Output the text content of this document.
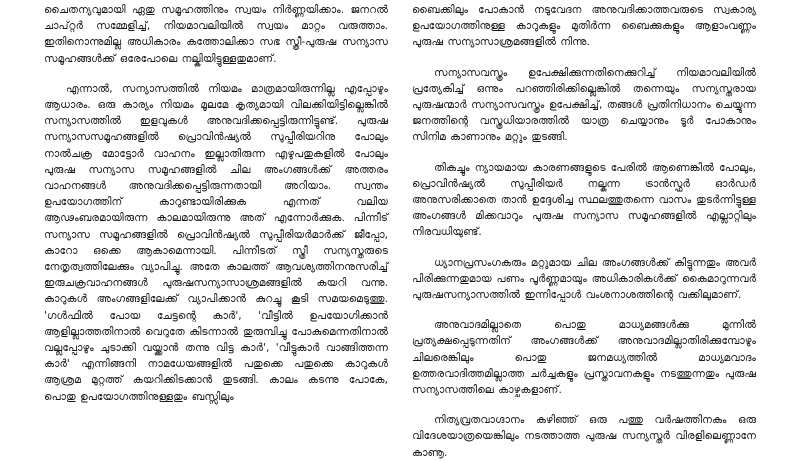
ചൈതന്യവുമായി ഏതു സമൂഹത്തിനും സ്വയം നിർണ്ണയിക്കാം. ജനറൽ ചാപ്റ്റർ സമ്മേളിച്ച്, നിയമാവലിയിൽ സ്വയം മാറ്റം വരുത്താം. ഇതിനൊന്നുമില്ല അധികാരം കത്തോലിക്കാ സഭ സ്ത്രീ-പുരുഷ സന്യാസ സമൂഹങ്ങൾക്ക് ഒരേപോലെ നല്കിയിട്ടുള്ളതുമാണ്.

എന്നാൽ, സന്യാസത്തിൽ നിയമം മാത്രമായിരുന്നില്ല എപ്പോഴും ആധാരം. ഒരു കാര്യം നിയമം മൂലമേ കൃത്യമായി വിലക്കിയിട്ടില്ലെങ്കിൽ സന്യാസത്തിൽ ഇളവുകൾ അനുവദിക്കപ്പെട്ടിരുന്നിട്ടുണ്ട്. പുരുഷ സന്യാസസമൂഹങ്ങളിൽ പ്രൊവിൻഷ്യൽ സുപ്പീരിയറിനു പോലും നാൽചക്ര മോട്ടോർ വാഹനം ഇല്ലാതിരുന്ന എഴുപതുകളിൽ പോലും പുരുഷ സന്യാസ സമൂഹങ്ങളിൽ ചില അംഗങ്ങൾക്ക് അത്തരം വാഹനങ്ങൾ അനുവദിക്കപ്പെട്ടിരുന്നതായി അറിയാം. സ്വന്തം ഉപയോഗത്തിന് കാറുണ്ടായിരിക്കുക എന്നത് വലിയ ആഢംബരമായിരുന്ന കാലമായിരുന്നു അത് എന്നോർക്കുക. പിന്നീട് സന്യാസ സമൂഹങ്ങളിൽ പ്രൊവിൻഷ്യൽ സുപ്പീരിയർമാർക്ക് ജീപ്പോ, കാറോ ഒക്കെ ആകാമെന്നായി. പിന്നീടത് സ്ത്രീ സന്യസ്തരുടെ നേതൃത്വത്തിലേക്കും വ്യാപിച്ചു. അതേ കാലത്ത് ആവശ്യത്തിനനുസരിച്ച് ഇരുചക്രവാഹനങ്ങൾ പുരുഷസന്യാസാശ്രമങ്ങളിൽ കയറി വന്നു. കാറുകൾ അംഗങ്ങളിലേക്ക് വ്യാപിക്കാൻ കുറച്ചു കൂടി സമയമെടുത്തു. 'ഗൾഫിൽ പോയ ചേട്ടന്റെ കാർ', 'വീട്ടിൽ ഉപയോഗിക്കാൻ ആളില്ലാത്തതിനാൽ വെറുതേ കിടന്നാൽ തുരുമ്പിച്ചു പോകുമെന്നതിനാൽ വല്ലപ്പോഴും ചുടാക്കി വയ്ക്കാൻ തന്നു വിട്ട കാർ', 'വീട്ടുകാർ വാങ്ങിത്തന്ന കാർ' എന്നിങ്ങനി നാമധേയങ്ങളിൽ പതുക്കെ പതുക്കെ കാറുകൾ ആശ്രമ മുറ്റത്ത് കയറിക്കിടക്കാൻ തുടങ്ങി. കാലം കടന്നു പോകേ, പൊതു ഉപയോഗത്തിനുള്ളതും ബസ്സിലും

ബൈക്കിലും പോകാൻ നടുവേദന അനുവദിക്കാത്തവരുടെ സ്വകാര്യ ഉപയോഗത്തിനുള്ള കാറുകളും മുതിർന്ന ബൈക്കുകളും ആളാംവണ്ണം പുരുഷ സന്യാസാശ്രമങ്ങളിൽ നിന്നു.

സന്യാസവസ്ത്രം ഉപേക്ഷിക്കുന്നതിനെക്കുറിച്ച് നിയമാവലിയിൽ പ്രത്യേകിച്ച് ഒന്നും പറഞ്ഞിരിക്കില്ലെങ്കിൽ തന്നെയും സന്യസ്തരായ പുരുഷന്മാർ സന്യാസവസ്ത്രം ഉപേക്ഷിച്ച്, തങ്ങൾ പ്രതിനിധാനം ചെയ്യുന്ന ജനത്തിന്റെ വസ്ത്രധിയാരത്തിൽ യാത്ര ചെയ്യാനും ടൂർ പോകാനും സിനിമ കാണാനും മറ്റും തുടങ്ങി.

തികച്ചും ന്യായമായ കാരണങ്ങളുടെ പേരിൽ ആണെങ്കിൽ പോലും, പ്രൊവിൻഷ്യൽ സുപ്പീരിയർ നല്കുന്ന ട്രാൻസ്ഫർ ഓർഡർ അനുസരിക്കാതെ താൻ ഉദ്ദേശിച്ച സ്ഥലത്തുതന്നെ വാസം തുടർന്നിട്ടുള്ള അംഗങ്ങൾ മിക്കവാറും പുരുഷ സന്യാസ സമൂഹങ്ങളിൽ എല്ലാറ്റിലും നിരവധിയുണ്ട്.

ധ്യാനപ്രസംഗകരും മറ്റുമായ ചില അംഗങ്ങൾക്ക് കിട്ടുന്നതും അവർ പിരിക്കുന്നതുമായ പണം പൂർണ്ണമായും അധികാരികൾക്ക് കൈമാറുന്നവർ പുരുഷസന്യാസത്തിൽ ഇന്നിപ്പോൾ വംശനാശത്തിന്റെ വക്കിലുമാണ്.

അനുവാദമില്ലാതെ പൊതു മാധ്യമങ്ങൾക്കു മുന്നിൽ പ്രത്യക്ഷപ്പെടുന്നതിന് അംഗങ്ങൾക്ക് അനുവാദമില്ലാതിരിക്കുമ്പോഴും ചിലരെങ്കിലും പൊതു ജനമധ്യത്തിൽ മാധ്യമവാദം ഉത്തരവാദിത്തമില്ലാത്ത ചർച്ചകളും പ്രസ്താവനകളും നടത്തുന്നതും പുരുഷ സന്യാസത്തിലെ കാഴ്ചകളാണ്.

നിത്യവ്രതവാഗ്ദാനം കഴിഞ്ഞ് ഒരു പത്തു വർഷത്തിനകം ഒരു വിദേശയാത്രയെങ്കിലും നടത്താത്ത പുരുഷ സന്യസ്തർ വിരളിലെണ്ണാനേ കാണൂ.
